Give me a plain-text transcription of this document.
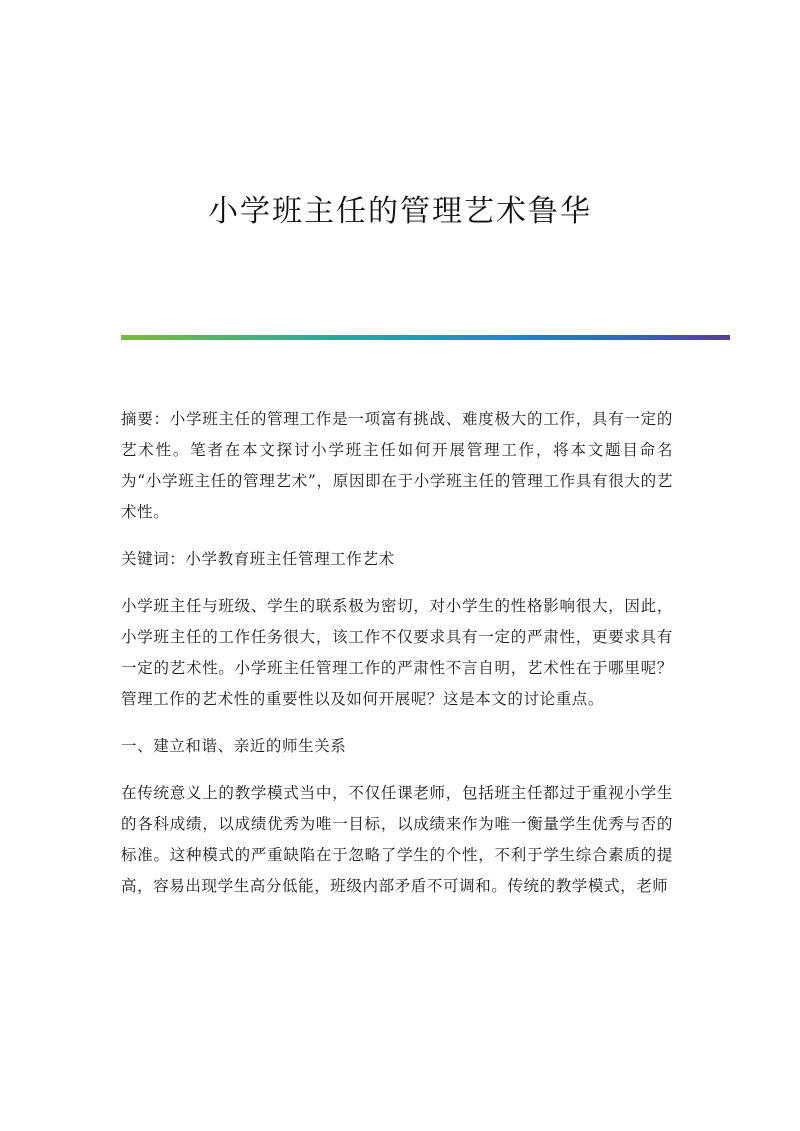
小学班主任的管理艺术鲁华

摘要：小学班主任的管理工作是一项富有挑战、难度极大的工作，具有一定的艺术性。笔者在本文探讨小学班主任如何开展管理工作，将本文题目命名为“小学班主任的管理艺术”，原因即在于小学班主任的管理工作具有很大的艺术性。

关键词：小学教育班主任管理工作艺术

小学班主任与班级、学生的联系极为密切，对小学生的性格影响很大，因此，小学班主任的工作任务很大，该工作不仅要求具有一定的严肃性，更要求具有一定的艺术性。小学班主任管理工作的严肃性不言自明，艺术性在于哪里呢？管理工作的艺术性的重要性以及如何开展呢？这是本文的讨论重点。

一、建立和谐、亲近的师生关系

在传统意义上的教学模式当中，不仅任课老师，包括班主任都过于重视小学生的各科成绩，以成绩优秀为唯一目标，以成绩来作为唯一衡量学生优秀与否的标准。这种模式的严重缺陷在于忽略了学生的个性，不利于学生综合素质的提高，容易出现学生高分低能，班级内部矛盾不可调和。传统的教学模式，老师
